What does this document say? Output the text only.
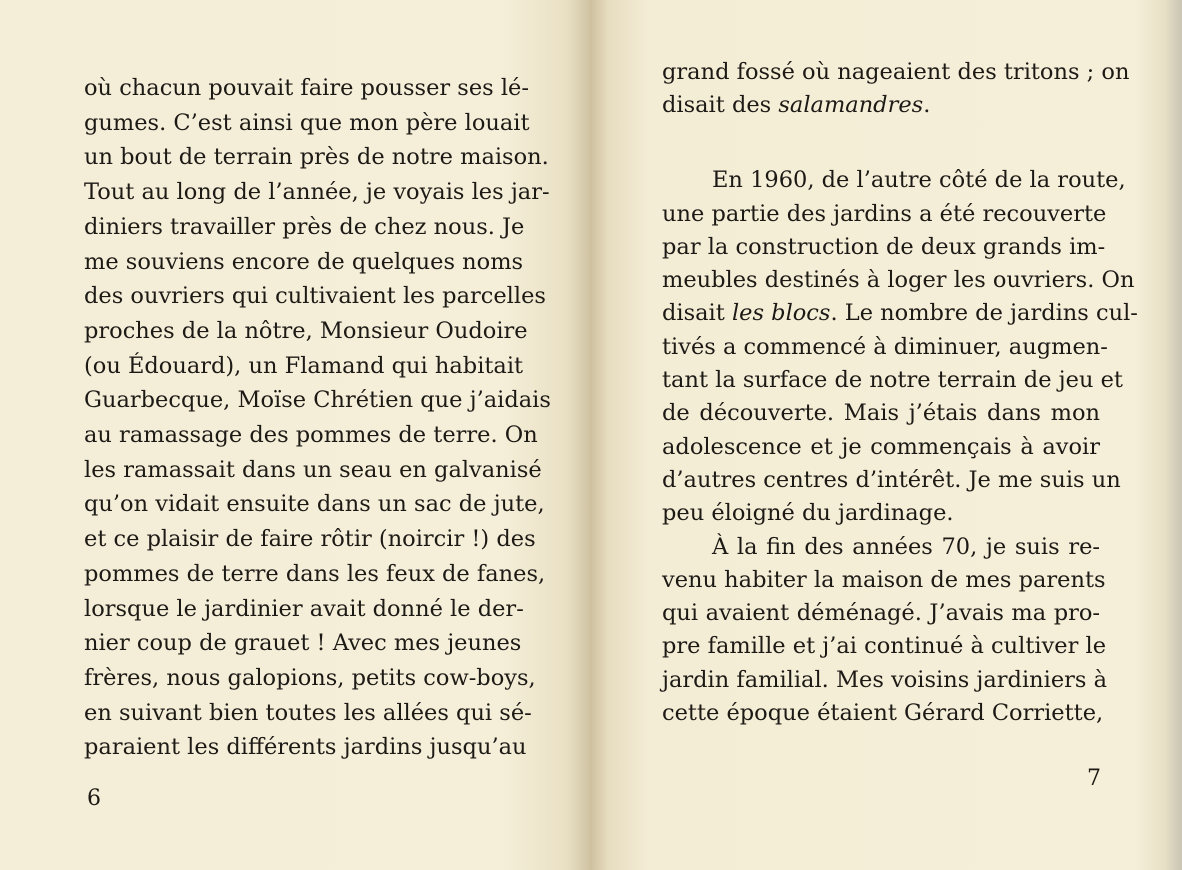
où chacun pouvait faire pousser ses lé-
gumes. C’est ainsi que mon père louait
un bout de terrain près de notre maison.
Tout au long de l’année, je voyais les jar-
diniers travailler près de chez nous. Je
me souviens encore de quelques noms
des ouvriers qui cultivaient les parcelles
proches de la nôtre, Monsieur Oudoire
(ou Édouard), un Flamand qui habitait
Guarbecque, Moïse Chrétien que j’aidais
au ramassage des pommes de terre. On
les ramassait dans un seau en galvanisé
qu’on vidait ensuite dans un sac de jute,
et ce plaisir de faire rôtir (noircir !) des
pommes de terre dans les feux de fanes,
lorsque le jardinier avait donné le der-
nier coup de grauet ! Avec mes jeunes
frères, nous galopions, petits cow-boys,
en suivant bien toutes les allées qui sé-
paraient les différents jardins jusqu’au
6
grand fossé où nageaient des tritons ; on
disait des salamandres.
En 1960, de l’autre côté de la route,
une partie des jardins a été recouverte
par la construction de deux grands im-
meubles destinés à loger les ouvriers. On
disait les blocs. Le nombre de jardins cul-
tivés a commencé à diminuer, augmen-
tant la surface de notre terrain de jeu et
de découverte. Mais j’étais dans mon
adolescence et je commençais à avoir
d’autres centres d’intérêt. Je me suis un
peu éloigné du jardinage.
À la fin des années 70, je suis re-
venu habiter la maison de mes parents
qui avaient déménagé. J’avais ma pro-
pre famille et j’ai continué à cultiver le
jardin familial. Mes voisins jardiniers à
cette époque étaient Gérard Corriette,
7
